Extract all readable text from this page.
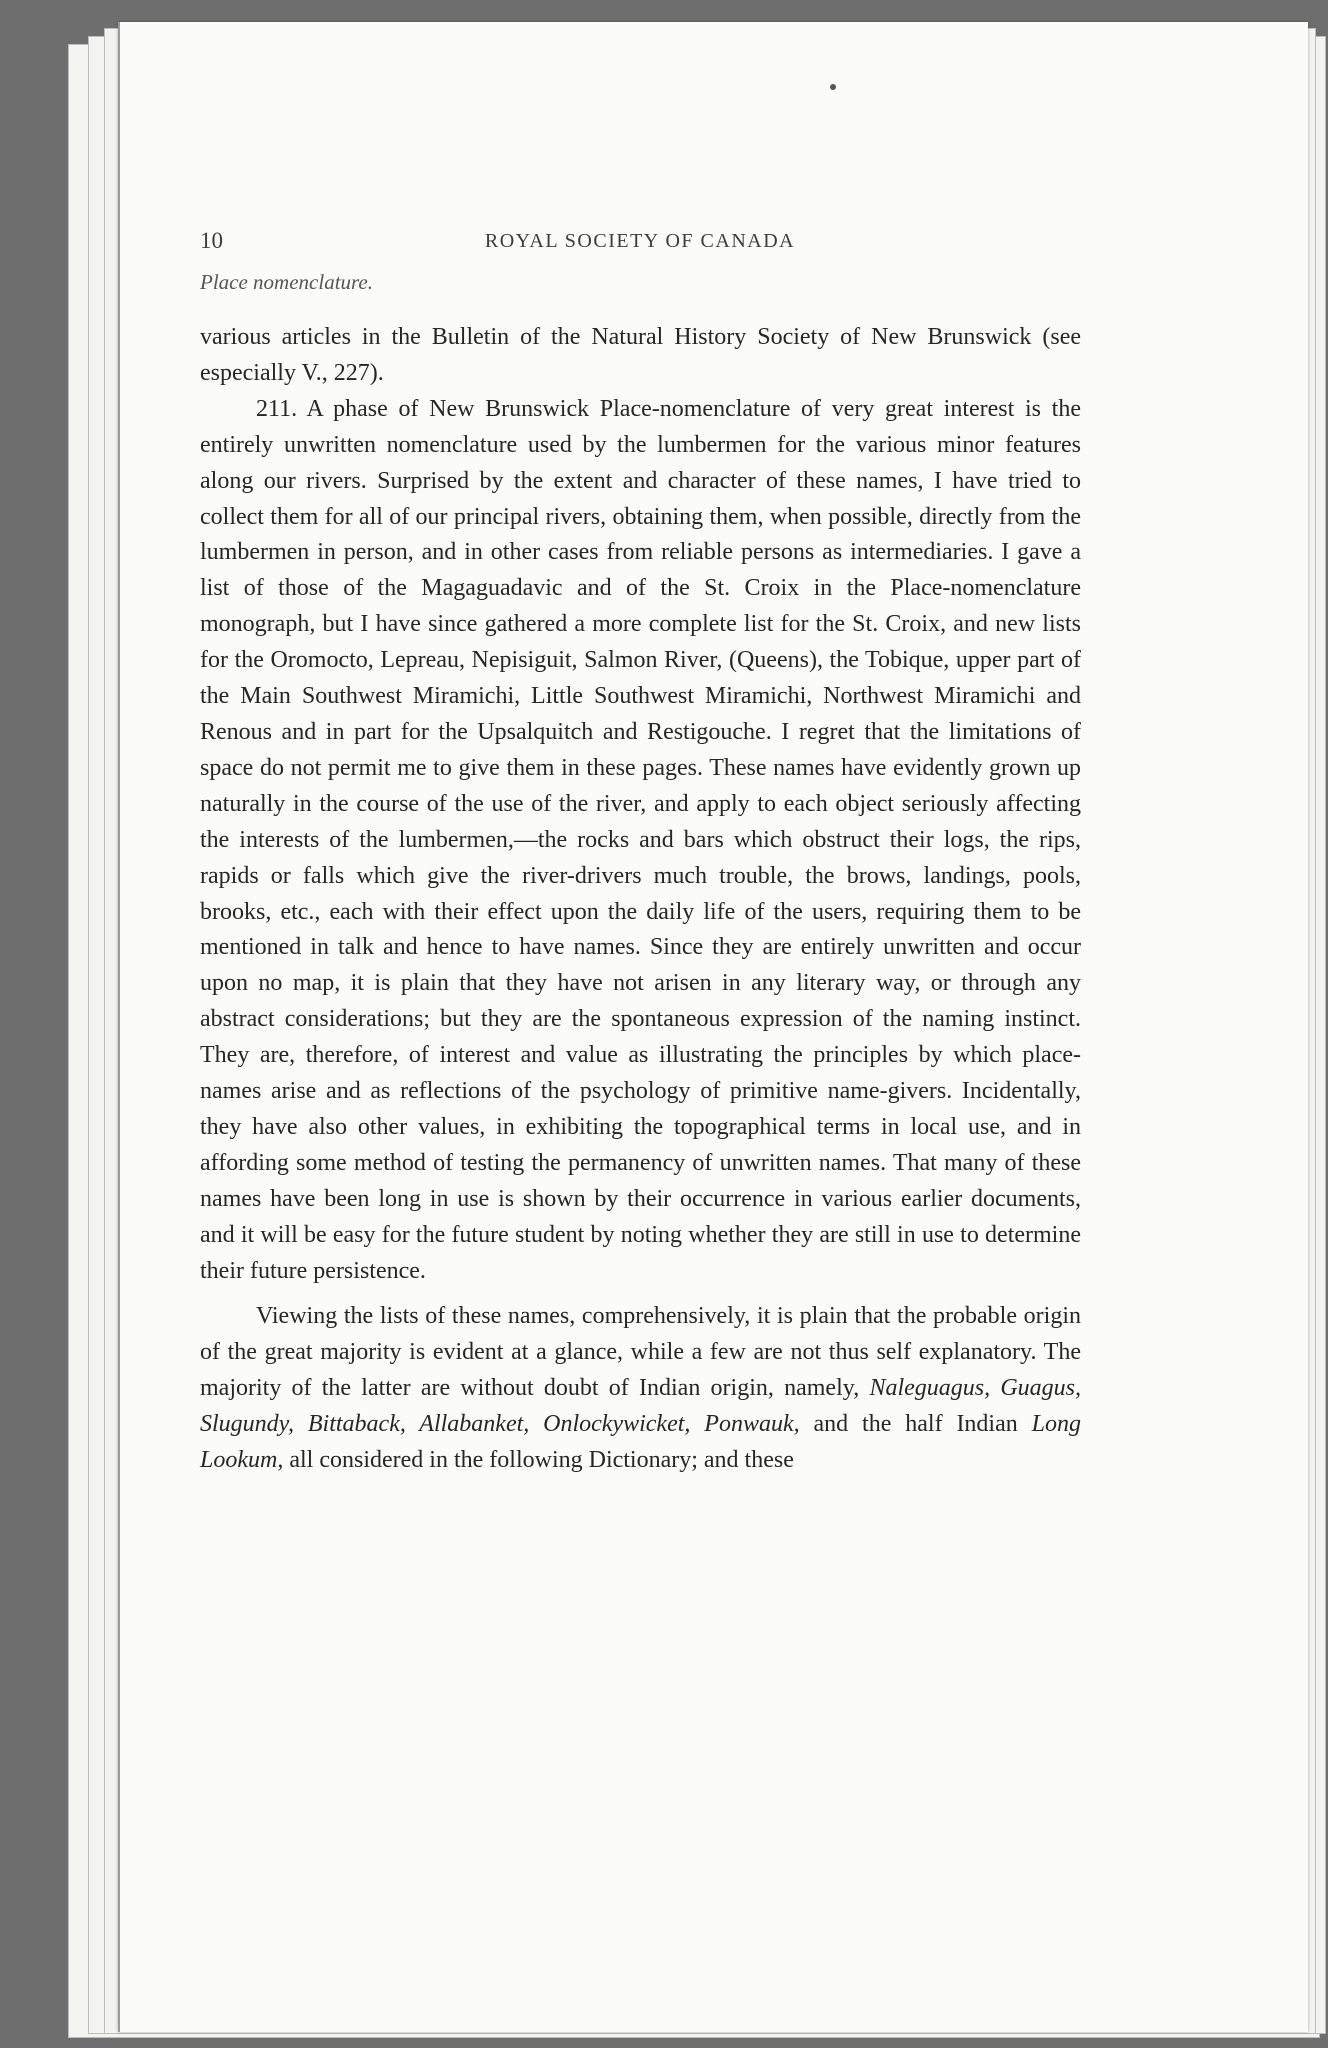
10	ROYAL SOCIETY OF CANADA
Place nomenclature.

various articles in the Bulletin of the Natural History Society of New Brunswick (see especially V., 227).

211. A phase of New Brunswick Place-nomenclature of very great interest is the entirely unwritten nomenclature used by the lumbermen for the various minor features along our rivers. Surprised by the extent and character of these names, I have tried to collect them for all of our principal rivers, obtaining them, when possible, directly from the lumbermen in person, and in other cases from reliable persons as intermediaries. I gave a list of those of the Magaguadavic and of the St. Croix in the Place-nomenclature monograph, but I have since gathered a more complete list for the St. Croix, and new lists for the Oromocto, Lepreau, Nepisiguit, Salmon River, (Queens), the Tobique, upper part of the Main Southwest Miramichi, Little Southwest Miramichi, Northwest Miramichi and Renous and in part for the Upsalquitch and Restigouche. I regret that the limitations of space do not permit me to give them in these pages. These names have evidently grown up naturally in the course of the use of the river, and apply to each object seriously affecting the interests of the lumbermen,—the rocks and bars which obstruct their logs, the rips, rapids or falls which give the river-drivers much trouble, the brows, landings, pools, brooks, etc., each with their effect upon the daily life of the users, requiring them to be mentioned in talk and hence to have names. Since they are entirely unwritten and occur upon no map, it is plain that they have not arisen in any literary way, or through any abstract considerations; but they are the spontaneous expression of the naming instinct. They are, therefore, of interest and value as illustrating the principles by which place-names arise and as reflections of the psychology of primitive name-givers. Incidentally, they have also other values, in exhibiting the topographical terms in local use, and in affording some method of testing the permanency of unwritten names. That many of these names have been long in use is shown by their occurrence in various earlier documents, and it will be easy for the future student by noting whether they are still in use to determine their future persistence.

Viewing the lists of these names, comprehensively, it is plain that the probable origin of the great majority is evident at a glance, while a few are not thus self explanatory. The majority of the latter are without doubt of Indian origin, namely, Naleguagus, Guagus, Slugundy, Bittaback, Allabanket, Onlockywicket, Ponwauk, and the half Indian Long Lookum, all considered in the following Dictionary; and these
